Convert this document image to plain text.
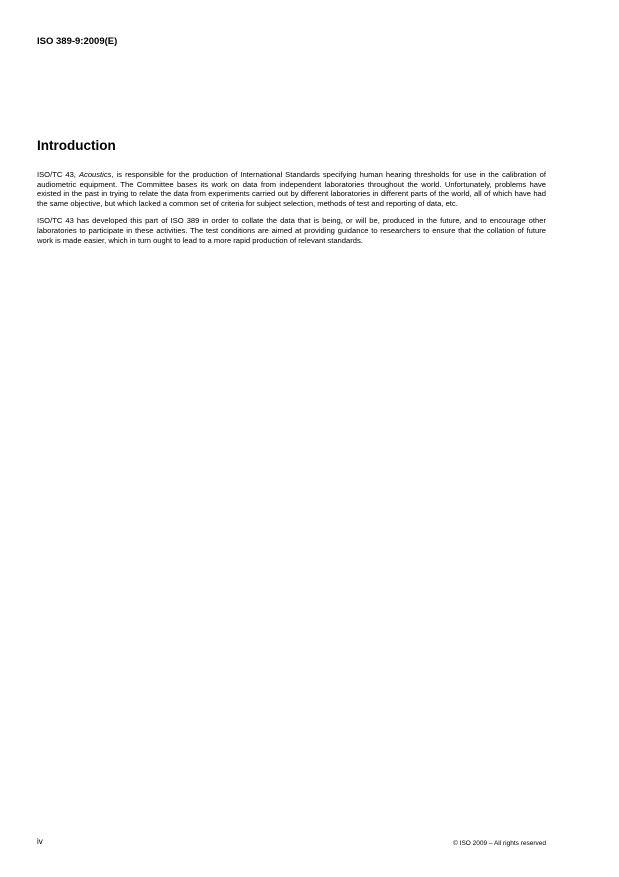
ISO 389-9:2009(E)
Introduction

ISO/TC 43, Acoustics, is responsible for the production of International Standards specifying human hearing thresholds for use in the calibration of audiometric equipment. The Committee bases its work on data from independent laboratories throughout the world. Unfortunately, problems have existed in the past in trying to relate the data from experiments carried out by different laboratories in different parts of the world, all of which have had the same objective, but which lacked a common set of criteria for subject selection, methods of test and reporting of data, etc.

ISO/TC 43 has developed this part of ISO 389 in order to collate the data that is being, or will be, produced in the future, and to encourage other laboratories to participate in these activities. The test conditions are aimed at providing guidance to researchers to ensure that the collation of future work is made easier, which in turn ought to lead to a more rapid production of relevant standards.

iv	© ISO 2009 – All rights reserved
